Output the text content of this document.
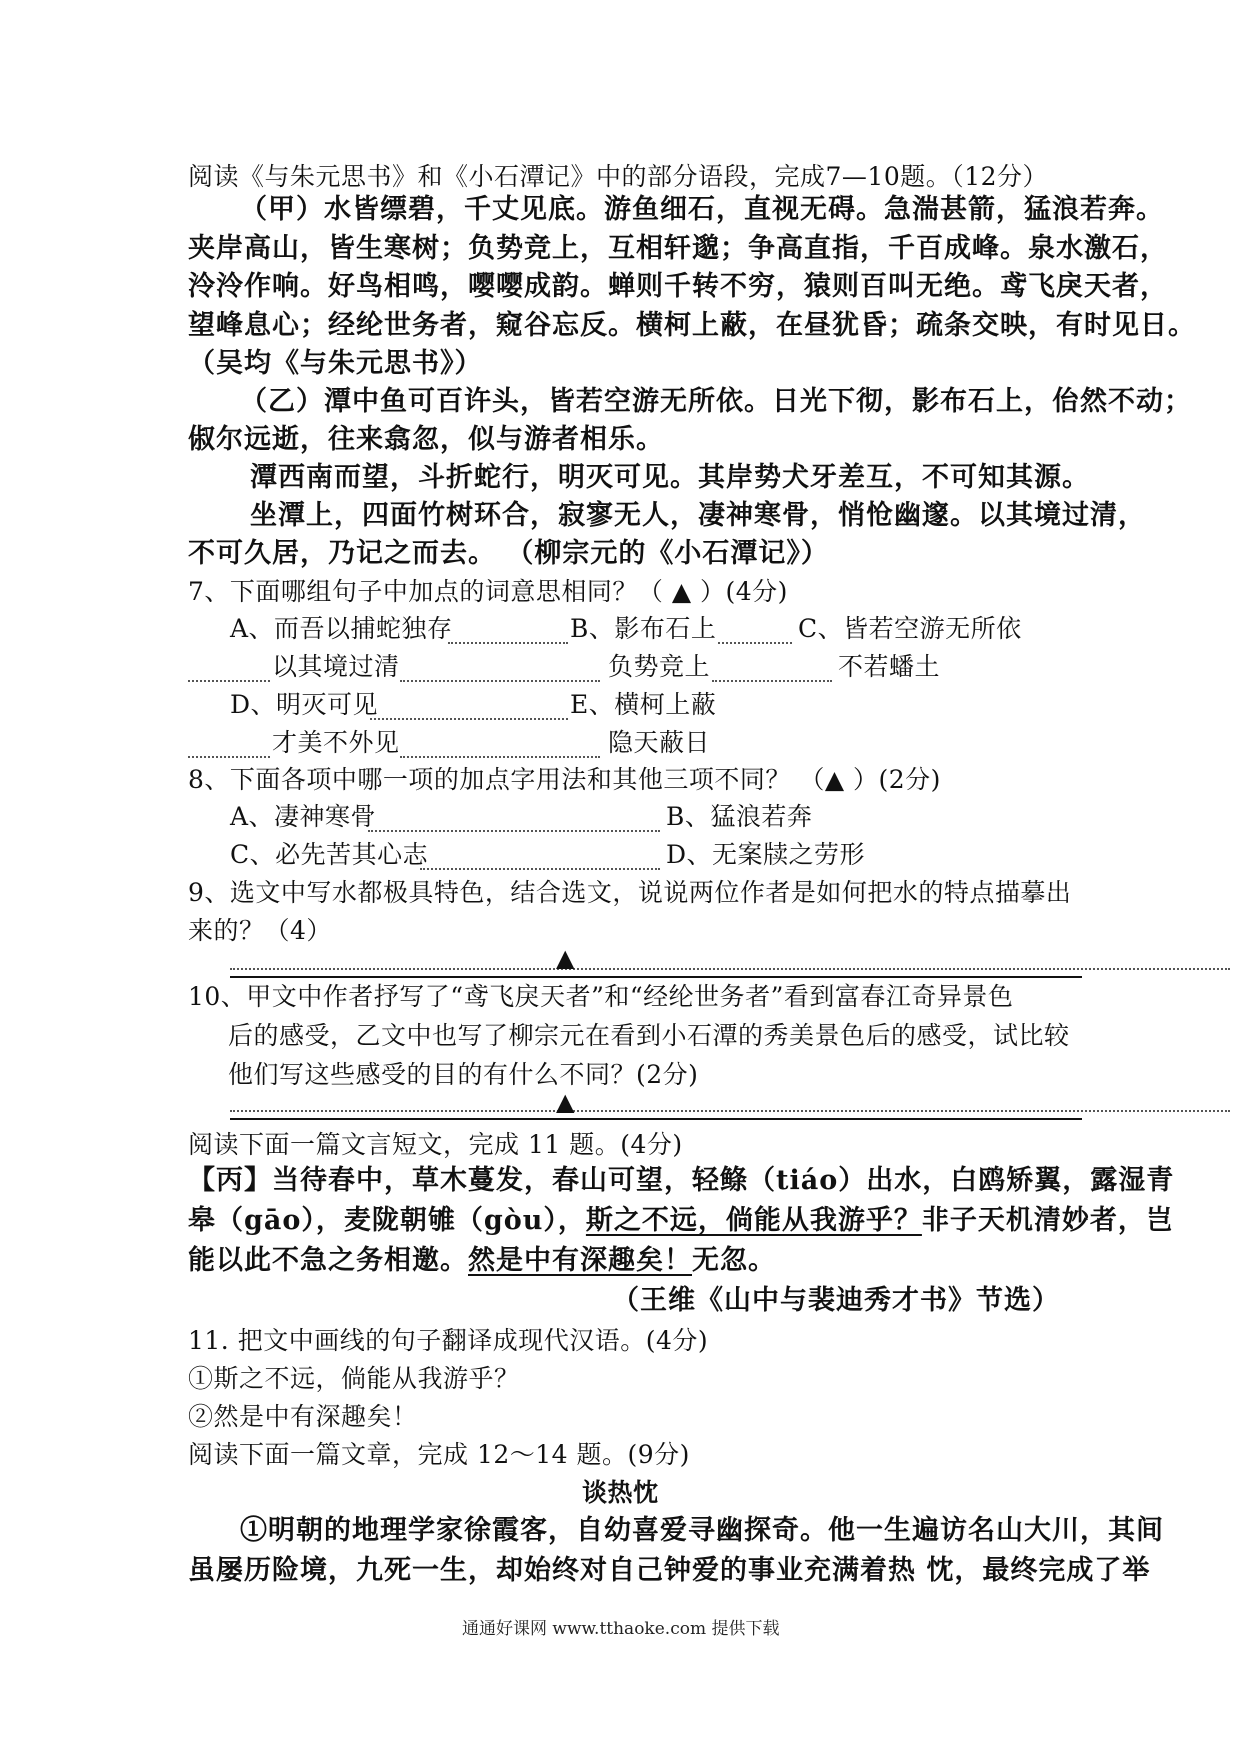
阅读《与朱元思书》和《小石潭记》中的部分语段，完成7—10题。（12分）
（甲）水皆缥碧，千丈见底。游鱼细石，直视无碍。急湍甚箭，猛浪若奔。
夹岸高山，皆生寒树；负势竞上，互相轩邈；争高直指，千百成峰。泉水激石，
泠泠作响。好鸟相鸣，嘤嘤成韵。蝉则千转不穷，猿则百叫无绝。鸢飞戾天者，
望峰息心；经纶世务者，窥谷忘反。横柯上蔽，在昼犹昏；疏条交映，有时见日。
（吴均《与朱元思书》）
（乙）潭中鱼可百许头，皆若空游无所依。日光下彻，影布石上，佁然不动；
俶尔远逝，往来翕忽，似与游者相乐。
潭西南而望，斗折蛇行，明灭可见。其岸势犬牙差互，不可知其源。
坐潭上，四面竹树环合，寂寥无人，凄神寒骨，悄怆幽邃。以其境过清，
不可久居，乃记之而去。 （柳宗元的《小石潭记》）
7、下面哪组句子中加点的词意思相同？（ ▲ ）(4分)
A、而吾以捕蛇独存	B、影布石上	C、皆若空游无所依
以其境过清	负势竞上	不若蟠土
D、明灭可见	E、横柯上蔽
才美不外见	隐天蔽日
8、下面各项中哪一项的加点字用法和其他三项不同？ （▲ ）(2分)
A、凄神寒骨	B、猛浪若奔
C、必先苦其心志	D、无案牍之劳形
9、选文中写水都极具特色，结合选文，说说两位作者是如何把水的特点描摹出
来的？（4）
▲
10、甲文中作者抒写了“鸢飞戾天者”和“经纶世务者”看到富春江奇异景色
后的感受，乙文中也写了柳宗元在看到小石潭的秀美景色后的感受，试比较
他们写这些感受的目的有什么不同？(2分)
▲
阅读下面一篇文言短文，完成 11 题。(4分)
【丙】当待春中，草木蔓发，春山可望，轻鲦（tiáo）出水，白鸥矫翼，露湿青
皋（gāo），麦陇朝雊（gòu），斯之不远，倘能从我游乎？非子天机清妙者，岂
能以此不急之务相邀。然是中有深趣矣！无忽。
（王维《山中与裴迪秀才书》节选）
11. 把文中画线的句子翻译成现代汉语。(4分)
①斯之不远，倘能从我游乎？
②然是中有深趣矣！
阅读下面一篇文章，完成 12～14 题。(9分)
谈热忱
①明朝的地理学家徐霞客，自幼喜爱寻幽探奇。他一生遍访名山大川，其间
虽屡历险境，九死一生，却始终对自己钟爱的事业充满着热 忱，最终完成了举
通通好课网 www.tthaoke.com 提供下载
